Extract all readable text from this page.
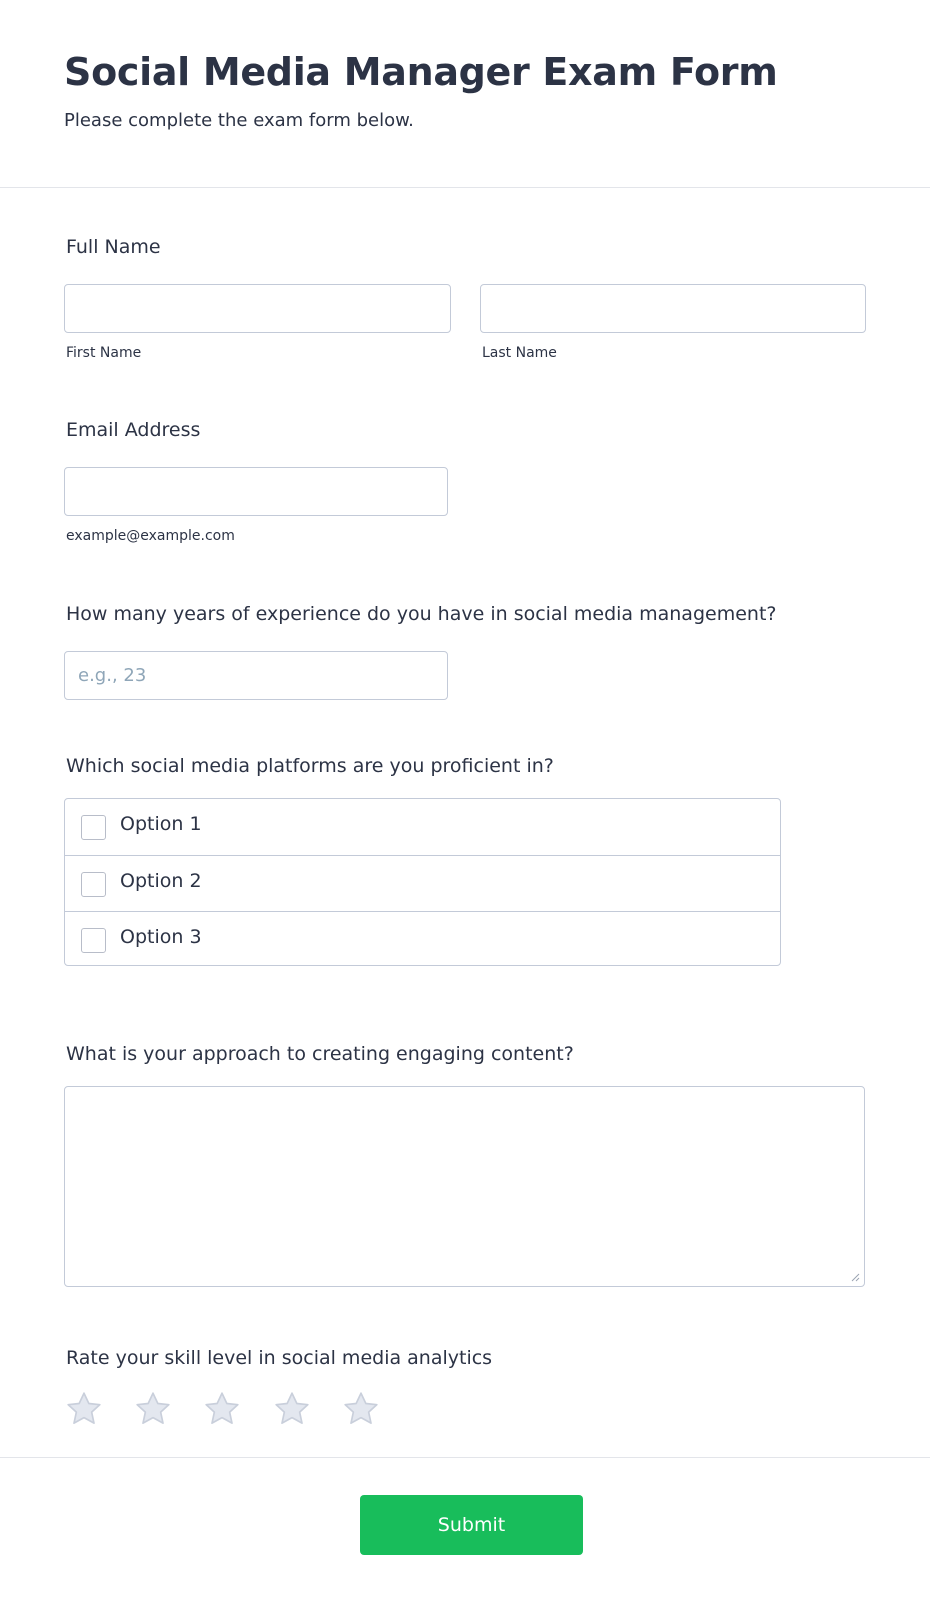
Social Media Manager Exam Form
Please complete the exam form below.
Full Name
First Name	Last Name
Email Address
example@example.com
How many years of experience do you have in social media management?
e.g., 23
Which social media platforms are you proficient in?
Option 1
Option 2
Option 3
What is your approach to creating engaging content?
Rate your skill level in social media analytics
Submit
